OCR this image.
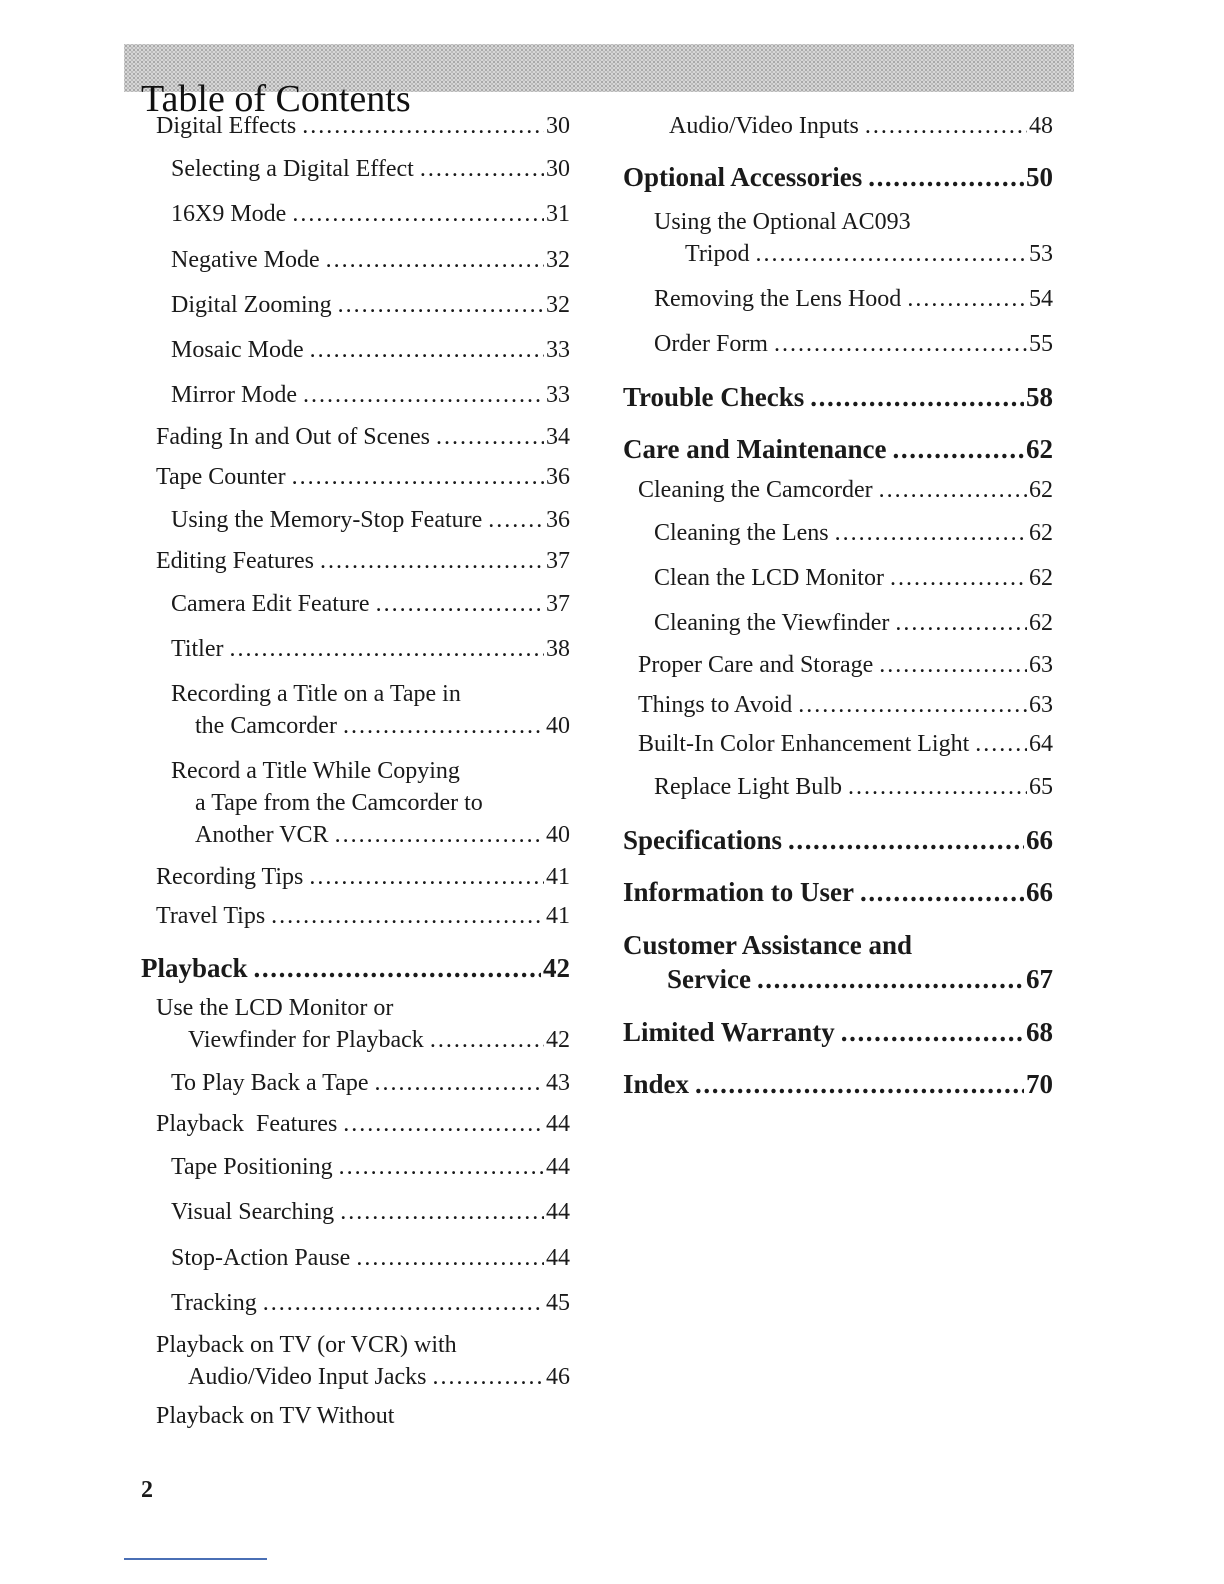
Table of Contents
Digital Effects .....	30
Selecting a Digital Effect .....	30
16X9 Mode .....	31
Negative Mode .....	32
Digital Zooming .....	32
Mosaic Mode .....	33
Mirror Mode .....	33
Fading In and Out of Scenes .....	34
Tape Counter .....	36
Using the Memory-Stop Feature .....	36
Editing Features .....	37
Camera Edit Feature .....	37
Titler .....	38
Recording a Title on a Tape in
the Camcorder .....	40
Record a Title While Copying
a Tape from the Camcorder to
Another VCR .....	40
Recording Tips .....	41
Travel Tips .....	41
Playback .....	42
Use the LCD Monitor or
Viewfinder for Playback .....	42
To Play Back a Tape .....	43
Playback  Features .....	44
Tape Positioning .....	44
Visual Searching .....	44
Stop-Action Pause .....	44
Tracking .....	45
Playback on TV (or VCR) with
Audio/Video Input Jacks .....	46
Playback on TV Without
Audio/Video Inputs .....	48
Optional Accessories .....	50
Using the Optional AC093
Tripod .....	53
Removing the Lens Hood .....	54
Order Form .....	55
Trouble Checks .....	58
Care and Maintenance .....	62
Cleaning the Camcorder .....	62
Cleaning the Lens .....	62
Clean the LCD Monitor .....	62
Cleaning the Viewfinder .....	62
Proper Care and Storage .....	63
Things to Avoid .....	63
Built-In Color Enhancement Light ..... 64
Replace Light Bulb .....	65
Specifications .....	66
Information to User .....	66
Customer Assistance and
Service .....	67
Limited Warranty .....	68
Index .....	70
2
